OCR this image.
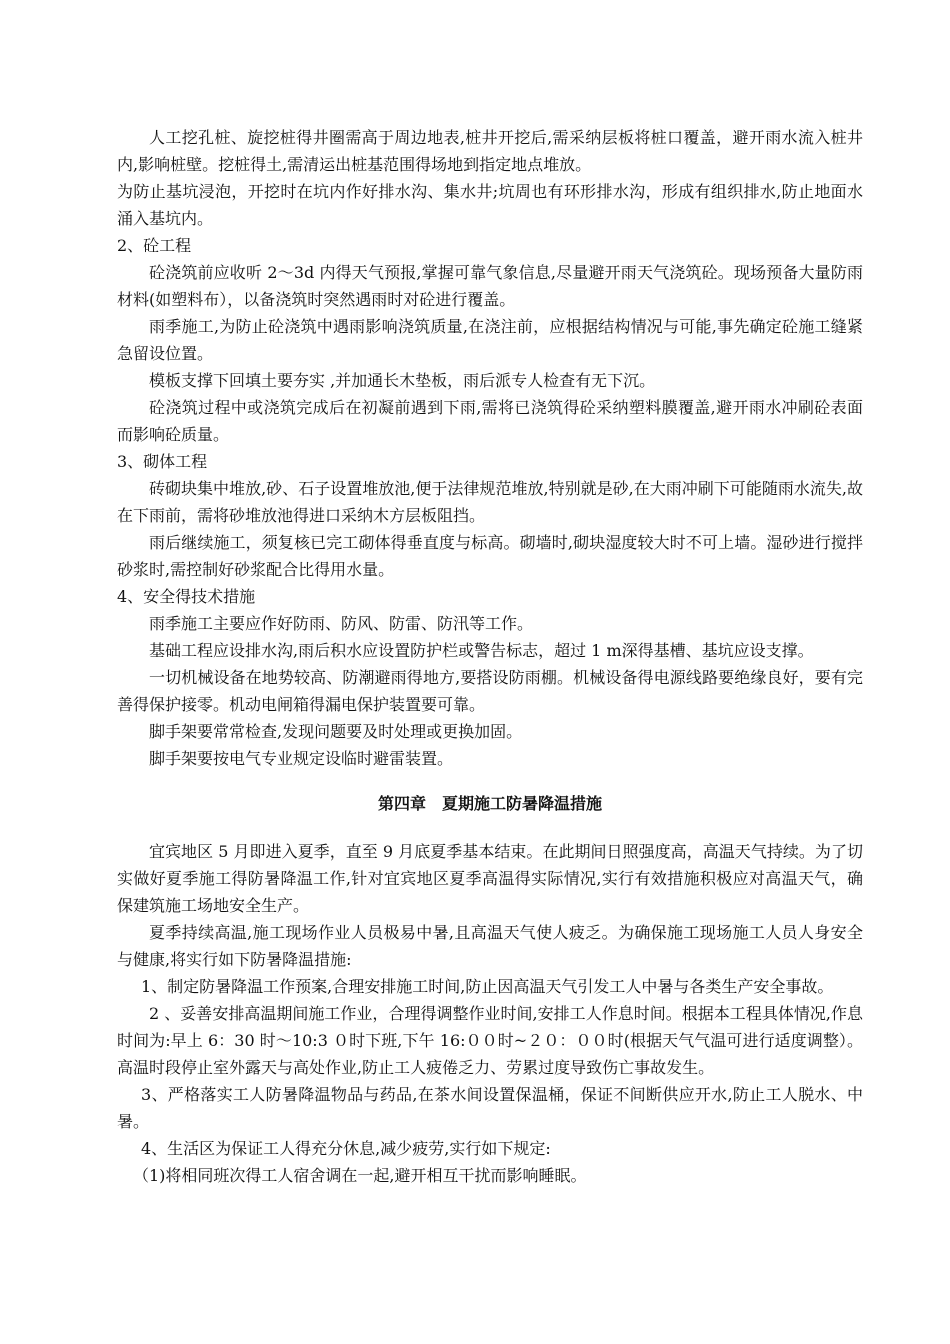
人工挖孔桩、旋挖桩得井圈需高于周边地表,桩井开挖后,需采纳层板将桩口覆盖，避开雨水流入桩井内,影响桩壁。挖桩得土,需清运出桩基范围得场地到指定地点堆放。

为防止基坑浸泡，开挖时在坑内作好排水沟、集水井;坑周也有环形排水沟，形成有组织排水,防止地面水涌入基坑内。

2、砼工程

砼浇筑前应收听 2～3d 内得天气预报,掌握可靠气象信息,尽量避开雨天气浇筑砼。现场预备大量防雨材料(如塑料布），以备浇筑时突然遇雨时对砼进行覆盖。

雨季施工,为防止砼浇筑中遇雨影响浇筑质量,在浇注前，应根据结构情况与可能,事先确定砼施工缝紧急留设位置。

模板支撑下回填土要夯实 ,并加通长木垫板，雨后派专人检查有无下沉。

砼浇筑过程中或浇筑完成后在初凝前遇到下雨,需将已浇筑得砼采纳塑料膜覆盖,避开雨水冲刷砼表面而影响砼质量。

3、砌体工程

砖砌块集中堆放,砂、石子设置堆放池,便于法律规范堆放,特别就是砂,在大雨冲刷下可能随雨水流失,故在下雨前，需将砂堆放池得进口采纳木方层板阻挡。

雨后继续施工，须复核已完工砌体得垂直度与标高。砌墙时,砌块湿度较大时不可上墙。湿砂进行搅拌砂浆时,需控制好砂浆配合比得用水量。

4、安全得技术措施

雨季施工主要应作好防雨、防风、防雷、防汛等工作。

基础工程应设排水沟,雨后积水应设置防护栏或警告标志，超过 1 m深得基槽、基坑应设支撑。

一切机械设备在地势较高、防潮避雨得地方,要搭设防雨棚。机械设备得电源线路要绝缘良好，要有完善得保护接零。机动电闸箱得漏电保护装置要可靠。

脚手架要常常检查,发现问题要及时处理或更换加固。

脚手架要按电气专业规定设临时避雷装置。

第四章　夏期施工防暑降温措施

宜宾地区 5 月即进入夏季，直至 9 月底夏季基本结束。在此期间日照强度高，高温天气持续。为了切实做好夏季施工得防暑降温工作,针对宜宾地区夏季高温得实际情况,实行有效措施积极应对高温天气，确保建筑施工场地安全生产。

夏季持续高温,施工现场作业人员极易中暑,且高温天气使人疲乏。为确保施工现场施工人员人身安全与健康,将实行如下防暑降温措施:

1、制定防暑降温工作预案,合理安排施工时间,防止因高温天气引发工人中暑与各类生产安全事故。

2 、妥善安排高温期间施工作业，合理得调整作业时间,安排工人作息时间。根据本工程具体情况,作息时间为:早上 6：30 时～10:3 ０时下班,下午 16:００时~２０：００时(根据天气气温可进行适度调整）。高温时段停止室外露天与高处作业,防止工人疲倦乏力、劳累过度导致伤亡事故发生。

3、严格落实工人防暑降温物品与药品,在茶水间设置保温桶，保证不间断供应开水,防止工人脱水、中暑。

4、生活区为保证工人得充分休息,减少疲劳,实行如下规定:

（1)将相同班次得工人宿舍调在一起,避开相互干扰而影响睡眠。
